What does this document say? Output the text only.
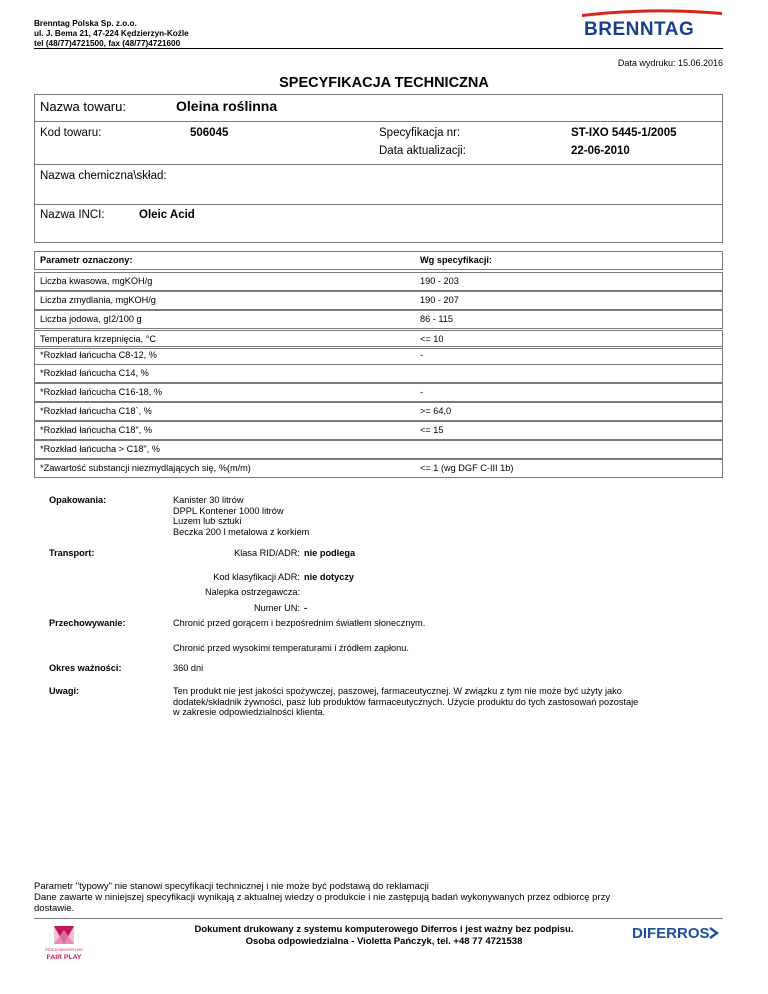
Brenntag Polska Sp. z.o.o.
ul. J. Bema 21, 47-224 Kędzierzyn-Koźle
tel (48/77)4721500, fax (48/77)4721600
BRENNTAG
Data wydruku: 15.06.2016
SPECYFIKACJA TECHNICZNA
Nazwa towaru:	Oleina roślinna
Kod towaru:	506045	Specyfikacja nr:	ST-IXO 5445-1/2005
Data aktualizacji:	22-06-2010
Nazwa chemiczna\skład:
Nazwa INCI:	Oleic Acid
Parametr oznaczony:	Wg specyfikacji:
Liczba kwasowa, mgKOH/g	190 - 203
Liczba zmydlania, mgKOH/g	190 - 207
Liczba jodowa, gI2/100 g	86 - 115
Temperatura krzepnięcia, °C	<= 10
*Rozkład łańcucha C8-12, %	-
*Rozkład łańcucha C14, %
*Rozkład łańcucha C16-18, %	-
*Rozkład łańcucha C18`, %	>= 64,0
*Rozkład łańcucha C18", %	<= 15
*Rozkład łańcucha > C18", %
*Zawartość substancji niezmydlających się, %(m/m)	<= 1 (wg DGF C-III 1b)
Opakowania:	Kanister 30 litrów
DPPL Kontener 1000 litrów
Luzem lub sztuki
Beczka 200 l metalowa z korkiem
Transport:	Klasa RID/ADR: nie podlega
Kod klasyfikacji ADR: nie dotyczy
Nalepka ostrzegawcza:
Numer UN: -
Przechowywanie:	Chronić przed gorącem i bezpośrednim światłem słonecznym.
Chronić przed wysokimi temperaturami i źródłem zapłonu.
Okres ważności:	360 dni
Uwagi:	Ten produkt nie jest jakości spożywczej, paszowej, farmaceutycznej. W związku z tym nie może być użyty jako
dodatek/składnik żywności, pasz lub produktów farmaceutycznych. Użycie produktu do tych zastosowań pozostaje
w zakresie odpowiedzialności klienta.
Parametr "typowy" nie stanowi specyfikacji technicznej i nie może być podstawą do reklamacji
Dane zawarte w niniejszej specyfikacji wynikają z aktualnej wiedzy o produkcie i nie zastępują badań wykonywanych przez odbiorcę przy
dostawie.
PRZEDSIĘBIORSTWO
FAIR PLAY
Dokument drukowany z systemu komputerowego Diferros i jest ważny bez podpisu.
Osoba odpowiedzialna - Violetta Pańczyk, tel. +48 77 4721538	DIFERROS
